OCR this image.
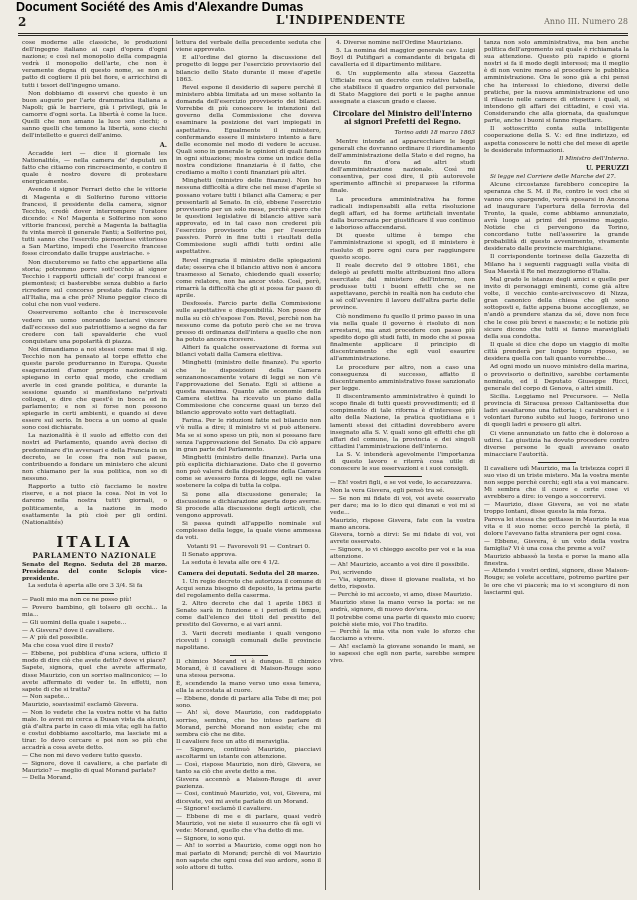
Document Société des Amis d'Alexandre Dumas
2	L'INDIPENDENTE	Anno III. Numero 28

cose moderne alle classiche, le produzioni dell'ingegno italiano ai capi d'opera d'ogni nazione; e così nel monopolio della compagnia vedrà il monopolio dell'arte, che non è veramente degna di questo nome, se non a patto di cogliere il più bel fiore, e arricchirsi di tutti i tesori dell'ingegno umano.

Non dobbiamo di esservi che questo è un buon augurio per l'arte drammatica italiana a Napoli; già le barriere, già i privilegi, già le camorre d'ogni sorta. La libertà è come la luce. Quelli che non amano la luce son ciechi; o sanno quelli che temono la libertà, sono ciechi dell'intelletto e guerci dell'animo.

A.

Accadde ieri — dice il giornale les Nationalités, — nella camera de' deputati un fatto che citiamo con rincrescimento, e contro il quale è nostro dovere di protestare energicamente.

Avendo il signor Ferrari detto che le vittorie di Magenta e di Solferino furono vittorie francesi, il presidente della camera, signor Tecchio, credè dover interrompere l'oratore dicendo: « No! Magenta e Solferino non sono vittorie francesi, perchè a Magenta la battaglia fu vinta mercè il generale Fanti; a Solferino poi, tutti sanno che l'esercito piemontese vittorioso a San Martino, impedì che l'esercito francese fosse circondato dalle truppe austriache. »

Non discuteremo se fatto che appartiene alla storia; potremmo porre sott'occhio al signor Tecchio i rapporti ufficiali de' corpi francesi e piemontesi; ci basterebbe senza dubbio a farlo ricredere sul concorso prestato dalla Francia all'Italia, ma a che prò? Niuno peggior cieco di colui che non vuol vedere.

Osserveremo soltanto che è increscevole vedere un uomo onorando lasciarsi vincere dall'eccesso del suo patriottismo a segno da far credere con tali spavalderie che vuol conquistare una popolarità di piazza.

Noi dimandiamo a noi stessi come mai il sig. Tecchio non ha pensato al torpe effetto che queste parole produrranno in Europa. Queste esagerazioni d'amor proprio nazionale si spiegano in certo qual modo, che crediam averle in cosi grande politica, e durante la sessione quando si manifestano ne'privati colloqui, e dire che quest'è in bocca ed in parlamento; e non si forse non possono spiegarle in certi ambienti, e quando si deve essere sul serio. In bocca a un uomo al quale sono cosi dichiarate.

La nazionalità è il suolo ad effetto con dei nostri ad Parlamento, quando avrà deciso di predominare d'in avversari e della Francia in un decreto, se le cose fra non sul paese, contribuendo a fondare un ministero che alcuni non chiamano per la sua politica, non so di nessuno.

Rapporto a tutto ciò facciamo le nostre riserve, e a noi piace la cosa. Noi in voi lo daremo nella nostra tutt'i giornali, o politicamente, a la nazione in modo esattamente la più cioè per gli ordini. (Nationalités)

ITALIA
PARLAMENTO NAZIONALE

Senato del Regno. Seduta del 28 marzo. Presidenza del conte Sclopis vice-presidente.

La seduta è aperta alle ore 3 3/4. Si fa

— Paoli mio ma non ce ne posso più!

— Povero bambino, gli tolsero gli occhi... la mia...

— Gli uomini della quale i sapete...

— A Gisvera? dove il cavaliere.

— A' più del possibile.

Ma che cosa vuol dire il resto?

— Ebbene, poi pubblica d'una sciera, ufficio il modo di dire ciò che avete detto? dove vi piace?

Sapete, signora, quel che avrete affermato, disse Maurizio, con un sorriso malinconico; — lo avete affermato di veder te. In effetti, non sapete di che si tratta?

— Non sapete...

Maurizio, soavissimi! esclamò Gisvera.

— Non lo vedete che la vostra notte vi ha fatto male. Io avrei mi cerca a Dusan vista da alcuni, già d'altra parte in caso di mia vita; egli ha fatto e costui dobbiamo ascoltarlo, ma lasciate mi a tirar. Io devo cercare e poi non so più che accadrà a cosa avete detto.

— Che non mi devo vedere tutto questo.

— Signore, dove il cavaliere, a che parlate di Maurizio? — meglio di qual Morand parlate?

— Della Morand.

lettura del verbale della precedente seduta che viene approvato.

E all'ordine del giorno la discussione del progetto di legge per l'esercizio provvisorio del bilancio dello Stato durante il mese d'aprile 1863.

Revel espone il desiderio di sapere perchè il ministero abbia limitata ad un mese soltanto la domanda dell'esercizio provvisorio dei bilanci. Vorrebbe di più conoscere le intenzioni del governo della Commissione che doveva esaminare la posizione dei vari impiegati in aspettativa. Egualmente il ministero, confermando essere il ministero intento a fare delle economie nel modo di vedere le accuse. Quali sono in generale le opinioni di quali fanno in ogni situazione; mostra come un indice della nostra condizione finanziaria è il fatto, che crediamo a molto i conti finanziari più altri.

Minghetti (ministro delle finanze). Non ho nessuna difficoltà a dire che nel mese d'aprile si possano votare tutti i bilanci alla Camera; e per presentarli al Senato. In ciò, ebbene l'esercizio provvisorio per un solo mese, perchè spero che le questioni legislative di bilancio attive sarà approvato, ed in tal caso non crederei più l'esercizio provvisorio che per l'esercizio passivo. Porrò in fine tutti i risultati della Commissione sugli affidi tutti ordini alle aspettative.

Revel ringrazia il ministro delle spiegazioni date; osserva che il bilancio attivo non è ancora trasmesso al Senato, chiedendo quali esserlo; come relatore, non ha ancor visto. Così, però, rimarrà la difficoltà che gli si possa far passo di aprile.

Desfossés. Farcio parte della Commissione sulle aspettative e disponibilità. Non posso dir nulla su ciò ch'espose l'on. Revel, perchè non ha nessuno come da potuto però che se ne trova presso di ordinanza dell'intera a quello che non ha potuto ancora ricevere.

Alfieri fa qualche osservazione di forma sui bilanci votati dalla Camera elettiva.

Minghetti (ministro delle finanze). Fu sporto che le disposizioni della Camera senzanonoscamente votare di leggi se non v'è l'approvazione del Senato. Egli si attiene a questa massima. Quanto alle economie della Camera elettiva ha ricevuto un piano dalla Commissione che concerne quasi un terzo del bilancio approvato sotto vari dettagliati.

Farina. Per le riduzioni fatte nel bilancio non v'è nulla a dire; il ministro vi si può attenere. Ma se si sono speso un più, non si possano fare senza l'approvazione del Senato. Da ciò appare in gran parte del Parlamento.

Minghetti (ministro delle finanze). Parla una più esplicita dichiarazione. Dato che il governo non può valersi della disposizione della Camera come se avessero forza di legge, egli ne valse sostenere la colpa di tutta la colpa.

Si pone alla discussione generale; la discussione e dichiarazione aperta dopo averne. Si procede alla discussione degli articoli, che vengono approvati.

Si passa quindi all'appello nominale sul complesso della legge, la quale viene ammessa da voti.

Votanti 91 — Favorevoli 91 — Contrari 0.

Il Senato approva.

La seduta è levata alle ore 4 1/2.

Camera dei deputati. Seduta del 28 marzo.

1. Un regio decreto che autorizza il comune di Acqui senza bisogno di deposito, la prima parte del regolamento della caserma.

2. Altro decreto che dal 1 aprile 1863 il Senato sarà in funzione e i periodi di tempo, come dall'elenco dei titoli del prestito del prestito del Governo, e ai vari anni.

3. Varii decreti mediante i quali vengono ricevuti i consigli comunali delle provincie napolitane.

Il chimico Morand vi è dunque. Il chimico Morand, è il cavaliere di Maison-Rouge sono una stessa persona.

È, scendendo la mano verso uno essa teneva, ella la accostata al cuore.

— Ebbene, donde di parlare alla Tebe di me; poi sono.

— Ah! sì, dove Maurizio, con raddoppiato sorriso, sembra, che ho inteso parlare di Morand, perchè Morand non esiste; che mi sembra ciò che ne dite.

Il cavaliere fece un atto di meraviglia.

— Signore, continuò Maurizio, piacciavi ascoltarmi un istante con attenzione.

— Così, rispose Maurizio, non dirò, Gisvera, se tanto sa ciò che avete detto a me.

Gisvera accennò a Maison-Rouge di aver pazienza.

— Cosi, continuò Maurizio, voi, voi, Gisvera, mi dicevate, voi mi avete parlato di un Morand.

— Signore! esclamò il cavaliere.

— Ebbene di me e di parlare, quasi vedrò Maurizio, voi ne siete il sussurro che fà egli vi vede: Morand, quello che v'ha detto di me.

— Signore, io sono qui.

— Ah! io sorrisi a Maurizio, come oggi non ho mai parlato di Morand; perchè di voi Maurizio non sapete che ogni cosa del suo ardore, sono il solo attore di tutto.

4. Diverse nomine nell'Ordine Mauriziano.

5. La nomina del maggior generale cav. Luigi Boyl di Putifigari a comandante di brigata di cavalleria ed il dipartimento militare.

6. Un supplemento alla stessa Gazzetta Ufficiale reca un decreto con relativo tabella, che stabilisce il quadro organico del personale di Stato Maggiore dei porti e le paghe annue assegnate a ciascun grado e classe.

Circolare del Ministro dell'Interno ai signori Prefetti del Regno.
Torino addi 18 marzo 1863

Mentre intende ad apparecchiare le leggi generali che dovranno ordinare il riordinamento dell'amministrazione della Stato e del regno, ha dovuto fin d'ora ad altri studi dell'amministrazione nazionale. Così mi consentiva, per cosi dire, il più autorevole sperimento affinchè si preparasse la riforma finale.

La procedura amministrativa ha forme radicali indispensabili alla retta risoluzione degli affari, ed ha forme artificiali inventate dalla burocrazia per giustificare il suo continuo e laborioso affaccendarsi.

Di queste ultime è tempo che l'amministrazione si spogli, ed il ministero è risoluto di porre ogni cura per raggiungere questo scopo.

Il reale decreto del 9 ottobre 1861, che delegò ai prefetti molte attribuzioni fino allora esercitate dal ministero dell'interno, non produsse tutti i buoni effetti che se ne aspettavano, perchè in realtà non ha ceduto che a sé coll'avvenire il lavoro dell'altra parte delle province.

Ciò nondimeno fu quello il primo passo in una via nella quale il governo è risoluto di non arrestarsi, ma anzi procedere con passo più spedito dopo gli studi fatti, in modo che si possa finalmente applicare il principio di discentramento che egli vuol esaurire all'amministrazione.

Le procedure per altro, non a caso una conseguenza di successo, affatto il discentramento amministrativo fosse sanzionato per legge.

Il discentramento amministrativo è quindi lo scopo finale di tutti questi provvedimenti; ed il compimento di tale riforma è d'interesse più alto della Nazione, la pratica quotidiana e i lamenti stessi dei cittadini dovrebbero avere insegnato alla S. V. quali sono gli effetti che gli affari del comune, la provincia e dei singoli cittadini l'amministrazione dell'interno.

La S. V. intenderà agevolmente l'importanza di questo lavoro e riterrà cosa utile di conoscere le sue osservazioni e i suoi consigli.

— Eh! vostri figli, e se voi vede, lo accarezzava.

Non la vera Gisvera, egli pensò tra sé.

— Se non mi fidate di voi, voi avete osservato per dare; ma io lo dico qui dinanzi e voi mi si vede...

Maurizio, rispose Gisvera, fate con la vostra mano ancora.

Gisvera, tornò a dirvi: Se mi fidate di voi, voi avrete osservato.

— Signore, io vi chieggo ascolto per voi e la sua attenzione.

— Ah! Maurizio, accanto a voi dire il possibile.

Poi, scrivendo

— Via, signore, disse il giovane realista, vi ho detto, risposto.

— Perchè io mi accosto, vi amo, disse Maurizio.

Maurizio stese la mano verso la porta: se ne andrà, signore, di nuovo dov'era.

Il potrebbe come una parte di questo mio cuore; poichè siete mio, voi l'ho tradito.

— Perchè la mia vita non vale lo sforzo che facciamo a vivere.

— Ah! esclamò la giovane sonando le mani, se io sapessi che egli non parte, sarebbe sempre vivo.

tanza non solo amministrativa, ma ben anche politica dell'argomento sul quale è richiamata la sua attenzione. Questo più rapido e giorni nostri si fa il modo degli interessi; ma il meglio è di non venire meno al procedere le pubblica amministrazione. Ora le sono già a chi pensi che ha interessi lo chiedono, diversi delle pratiche, per la nuova amministrazione ed uno il rilascio nelle camere di ottenere i quali, si intendono gli affari dei cittadini, e così via. Considerando che alla giornata, da qualunque parte, anche i buoni si fanno rispettare.

Il sottoscritto conta sulla intelligente cooperazione della S. V.: ed fine indirizzo, ed aspetta conoscere le notti che del mese di aprile le desiderate informazioni.

Il Ministro dell'Interno.
U. PERUZZI

Si legge nel Corriere delle Marche del 27.

Alcune circostanze farebbero concepire la speranza che S. M. il Re, contro le voci che si vanno ora spargendo, vorrà sposarsi in Ancona ad inaugurare l'apertura della ferrovia del Tronto, la quale, come abbiamo annunziato, avrà luogo ai primi del prossimo maggio. Notizie che ci pervengono da Torino, concordano tutte nell'asserire la grande probabilità di questo avvenimento, vivamente desiderato dalle provincie marchigiane.

Il corrispondente torinese della Gazzetta di Milano ha i seguenti ragguagli sulla visita di Sua Maestà il Re nel mezzogiorno d'Italia.

Mal grado le istanze degli amici e quelle per invito di personaggi eminenti, come già altre volte, il vecchio conte-arcivescovo di Nizza, gran canonico della chiesa che gli sono sottoposti e, fatte appena buone accoglienze, se n'andò a prendere stanza da sé, dove non fece che le cose più brevi e nascoste; e le notizie più sicure dicono che tutti si fanno maravigliati della sua condotta.

Il quale si dice che dopo un viaggio di molte città prenderà per lungo tempo riposo, se desidera quella con tali quanto vorrebbe...

Ad ogni modo un nuovo ministro della marina, o provvisorio o definitivo, sarebbe certamente nominato, ed il Deputato Giuseppe Ricci, generale del corpo di Genova, o altri simili.

Sicilia. Leggiamo nel Precursore. — Nella provincia di Siracusa presso Caltanissetta due ladri assaltarono una fattoria; i carabinieri e i volontari furono subito sul luogo, ferirono uno di quegli ladri e presero gli altri.

Ci viene annunziato un fatto che è doloroso a udirsi. La giustizia ha dovuto procedere contro diverse persone le quali avevano osato minacciare l'autorità.

Il cavaliere udì Maurizio, ma la tristezza copri il suo viso di un triste mistero. Ma la vostra mente non seppe perchè cerchi; egli sta a voi mancare. Mi sembra che il cuore e certe cose vi avrebbero a dire: io vengo a soccorrervi.

— Maurizio, disse Gisvera, se voi ne state troppo lontani, disse questo la mia forza.

Pareva lei stessa che gettasse in Maurizio la sua vita e il suo nome: ecco perchè la pietà, il dolore l'avevano fatta straniera per ogni cosa.

— Ebbene, Gisvera, è un voto della vostra famiglia? Vi è una cosa che preme a voi?

Maurizio abbassò la testa e porse la mano alla finestra.

— Attendo i vostri ordini, signore, disse Maison-Rouge; se volete accettare, potremo partire per le ore che vi piacerà; ma io vi scongiuro di non lasciarmi qui.
